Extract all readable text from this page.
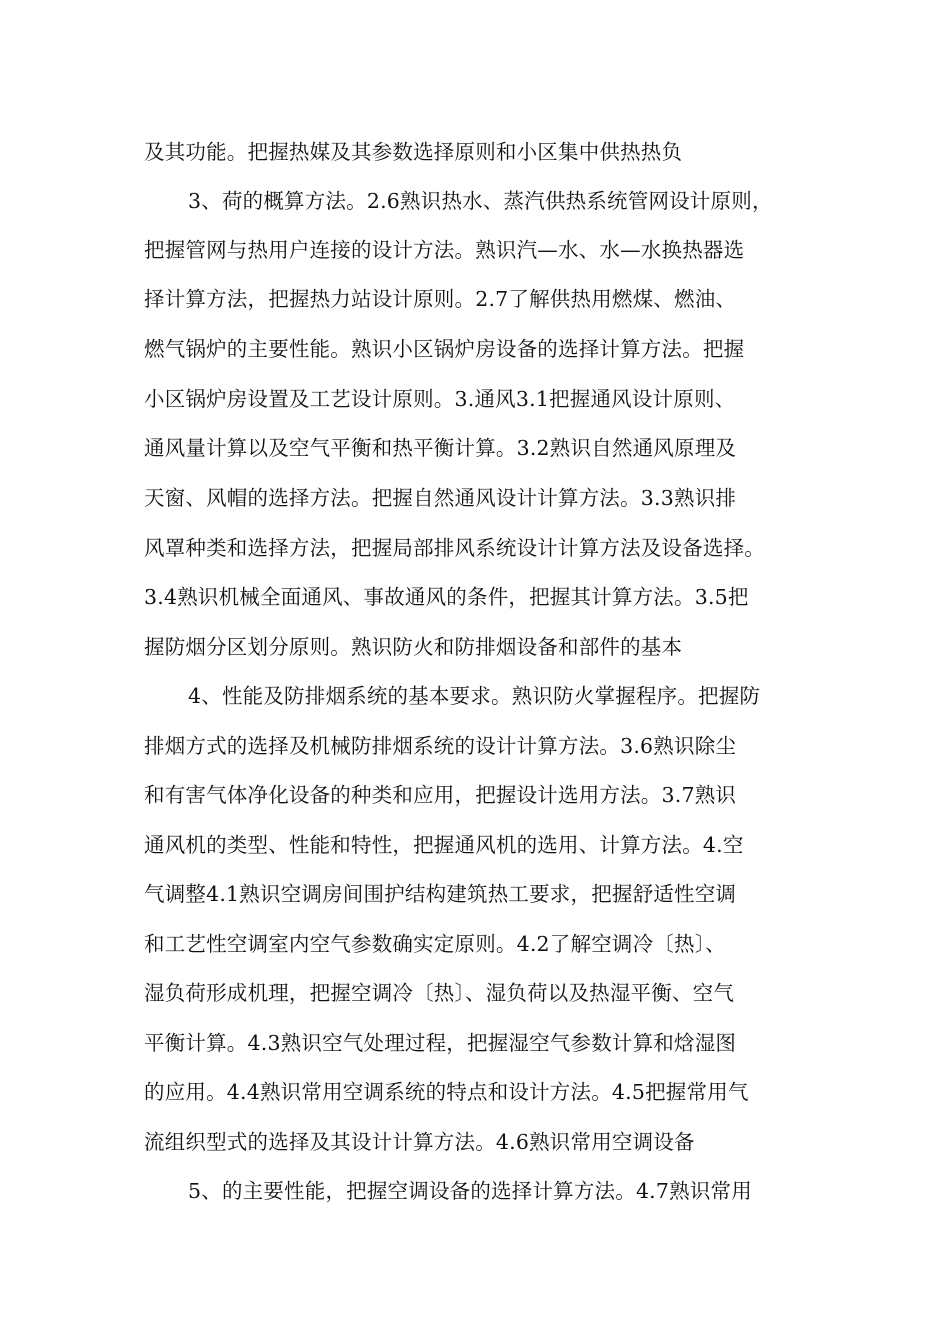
及其功能。把握热媒及其参数选择原则和小区集中供热热负
3、荷的概算方法。2.6熟识热水、蒸汽供热系统管网设计原则，
把握管网与热用户连接的设计方法。熟识汽—水、水—水换热器选
择计算方法，把握热力站设计原则。2.7了解供热用燃煤、燃油、
燃气锅炉的主要性能。熟识小区锅炉房设备的选择计算方法。把握
小区锅炉房设置及工艺设计原则。3.通风3.1把握通风设计原则、
通风量计算以及空气平衡和热平衡计算。3.2熟识自然通风原理及
天窗、风帽的选择方法。把握自然通风设计计算方法。3.3熟识排
风罩种类和选择方法，把握局部排风系统设计计算方法及设备选择。
3.4熟识机械全面通风、事故通风的条件，把握其计算方法。3.5把
握防烟分区划分原则。熟识防火和防排烟设备和部件的基本
4、性能及防排烟系统的基本要求。熟识防火掌握程序。把握防
排烟方式的选择及机械防排烟系统的设计计算方法。3.6熟识除尘
和有害气体净化设备的种类和应用，把握设计选用方法。3.7熟识
通风机的类型、性能和特性，把握通风机的选用、计算方法。4.空
气调整4.1熟识空调房间围护结构建筑热工要求，把握舒适性空调
和工艺性空调室内空气参数确实定原则。4.2了解空调冷〔热〕、
湿负荷形成机理，把握空调冷〔热〕、湿负荷以及热湿平衡、空气
平衡计算。4.3熟识空气处理过程，把握湿空气参数计算和焓湿图
的应用。4.4熟识常用空调系统的特点和设计方法。4.5把握常用气
流组织型式的选择及其设计计算方法。4.6熟识常用空调设备
5、的主要性能，把握空调设备的选择计算方法。4.7熟识常用
